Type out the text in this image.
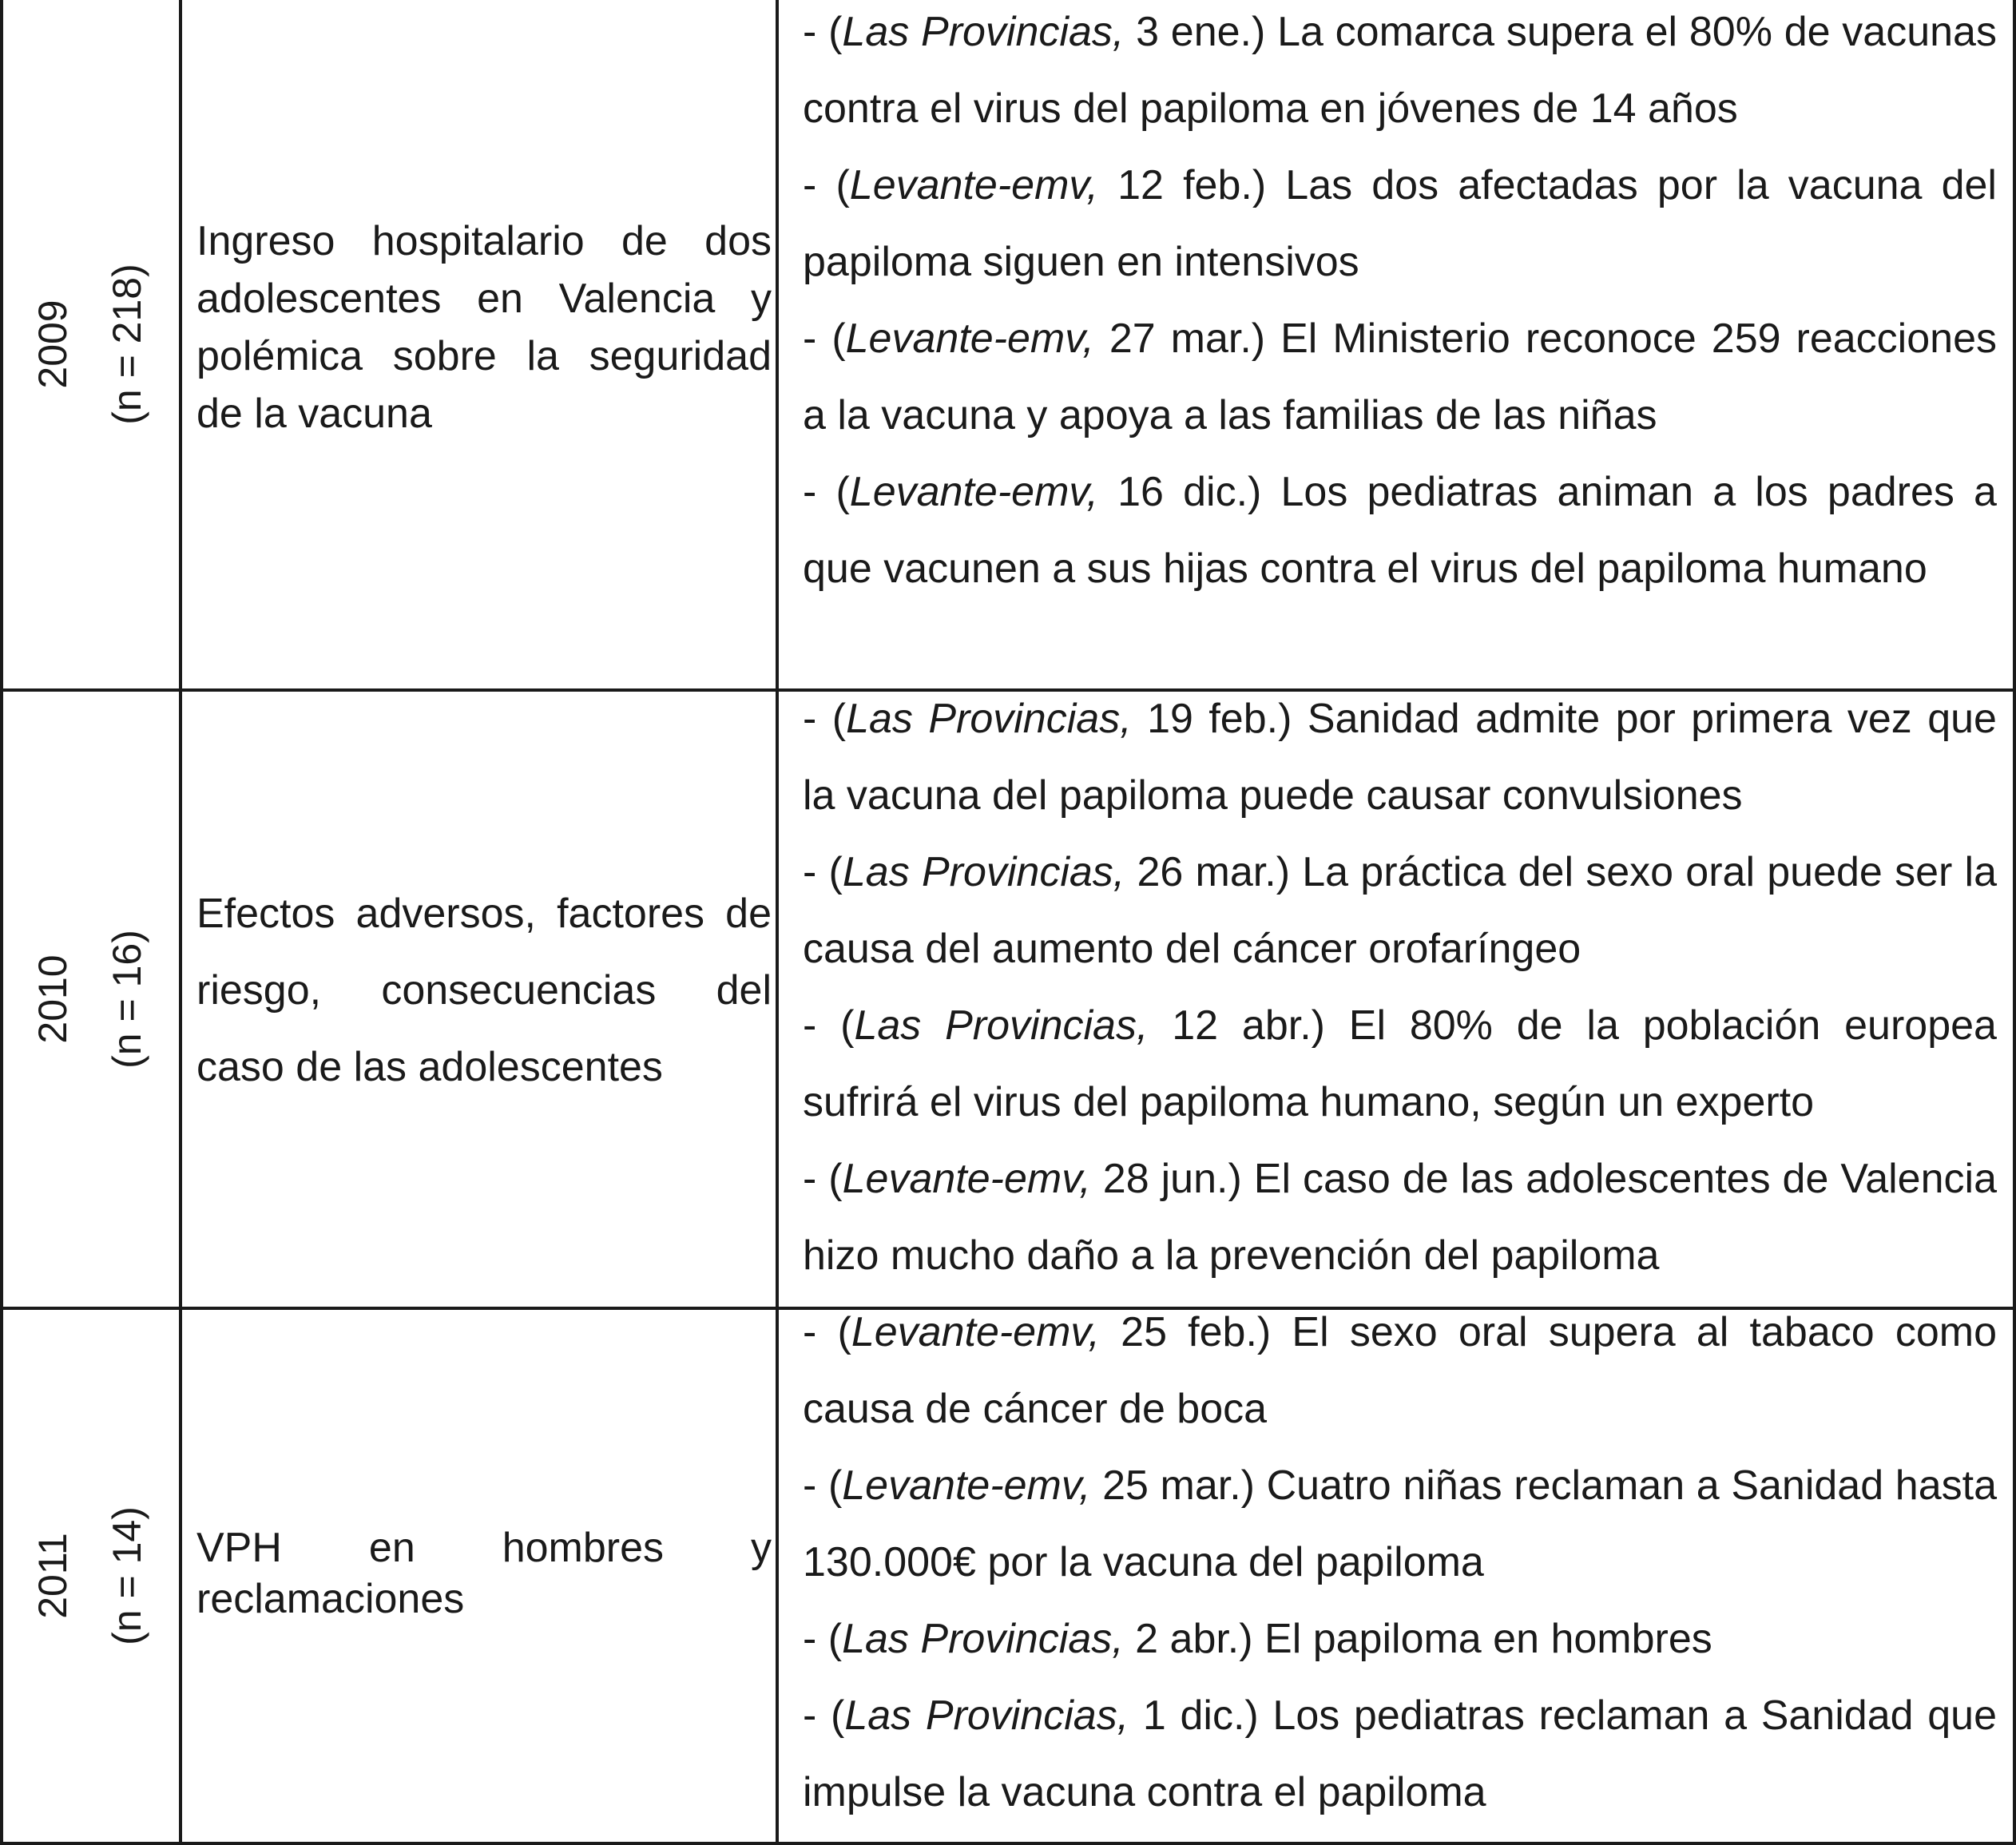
2009 (n = 218)
Ingreso hospitalario de dos adolescentes en Valencia y polémica sobre la seguridad de la vacuna
- (Las Provincias, 3 ene.) La comarca supera el 80% de vacunas contra el virus del papiloma en jóvenes de 14 años
- (Levante-emv, 12 feb.) Las dos afectadas por la vacuna del papiloma siguen en intensivos
- (Levante-emv, 27 mar.) El Ministerio reconoce 259 reacciones a la vacuna y apoya a las familias de las niñas
- (Levante-emv, 16 dic.) Los pediatras animan a los padres a que vacunen a sus hijas contra el virus del papiloma humano
2010 (n = 16)
Efectos adversos, factores de riesgo, consecuencias del caso de las adolescentes
- (Las Provincias, 19 feb.) Sanidad admite por primera vez que la vacuna del papiloma puede causar convulsiones
- (Las Provincias, 26 mar.) La práctica del sexo oral puede ser la causa del aumento del cáncer orofaríngeo
- (Las Provincias, 12 abr.) El 80% de la población europea sufrirá el virus del papiloma humano, según un experto
- (Levante-emv, 28 jun.) El caso de las adolescentes de Valencia hizo mucho daño a la prevención del papiloma
2011 (n = 14) VPH en hombres y reclamaciones
- (Levante-emv, 25 feb.) El sexo oral supera al tabaco como causa de cáncer de boca
- (Levante-emv, 25 mar.) Cuatro niñas reclaman a Sanidad hasta 130.000€ por la vacuna del papiloma
- (Las Provincias, 2 abr.) El papiloma en hombres
- (Las Provincias, 1 dic.) Los pediatras reclaman a Sanidad que impulse la vacuna contra el papiloma
